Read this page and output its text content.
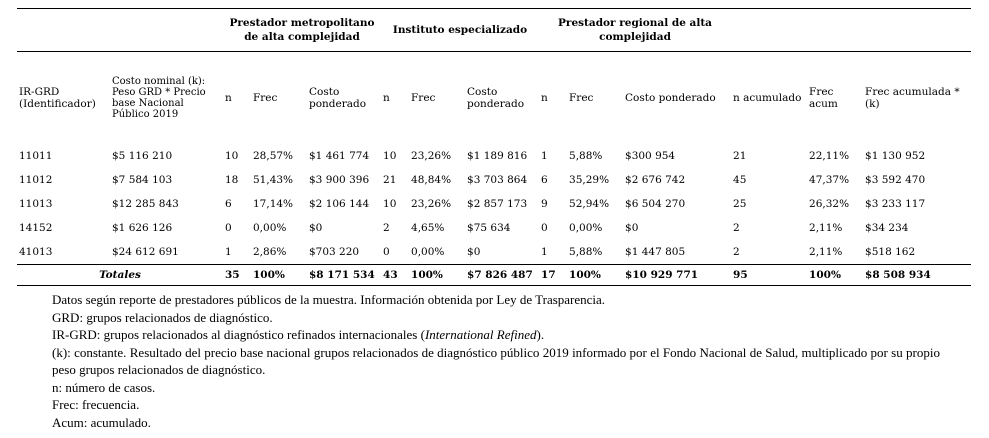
		Prestador metropolitano de alta complejidad			Instituto especializado			Prestador regional de alta complejidad					

IR-GRD (Identificador)	Costo nominal (k): Peso GRD * Precio base Nacional Público 2019	n	Frec	Costo ponderado	n	Frec	Costo ponderado	n	Frec	Costo ponderado	n acumulado	Frec acum	Frec acumulada * (k)
11011	$5 116 210	10	28,57%	$1 461 774	10	23,26%	$1 189 816	1	5,88%	$300 954	21	22,11%	$1 130 952
11012	$7 584 103	18	51,43%	$3 900 396	21	48,84%	$3 703 864	6	35,29%	$2 676 742	45	47,37%	$3 592 470
11013	$12 285 843	6	17,14%	$2 106 144	10	23,26%	$2 857 173	9	52,94%	$6 504 270	25	26,32%	$3 233 117
14152	$1 626 126	0	0,00%	$0	2	4,65%	$75 634	0	0,00%	$0	2	2,11%	$34 234
41013	$24 612 691	1	2,86%	$703 220	0	0,00%	$0	1	5,88%	$1 447 805	2	2,11%	$518 162
Totales		35	100%	$8 171 534	43	100%	$7 826 487	17	100%	$10 929 771	95	100%	$8 508 934

Datos según reporte de prestadores públicos de la muestra. Información obtenida por Ley de Trasparencia.

GRD: grupos relacionados de diagnóstico.

IR-GRD: grupos relacionados al diagnóstico refinados internacionales (International Refined).

(k): constante. Resultado del precio base nacional grupos relacionados de diagnóstico público 2019 informado por el Fondo Nacional de Salud, multiplicado por su propio peso grupos relacionados de diagnóstico.

n: número de casos.

Frec: frecuencia.

Acum: acumulado.
